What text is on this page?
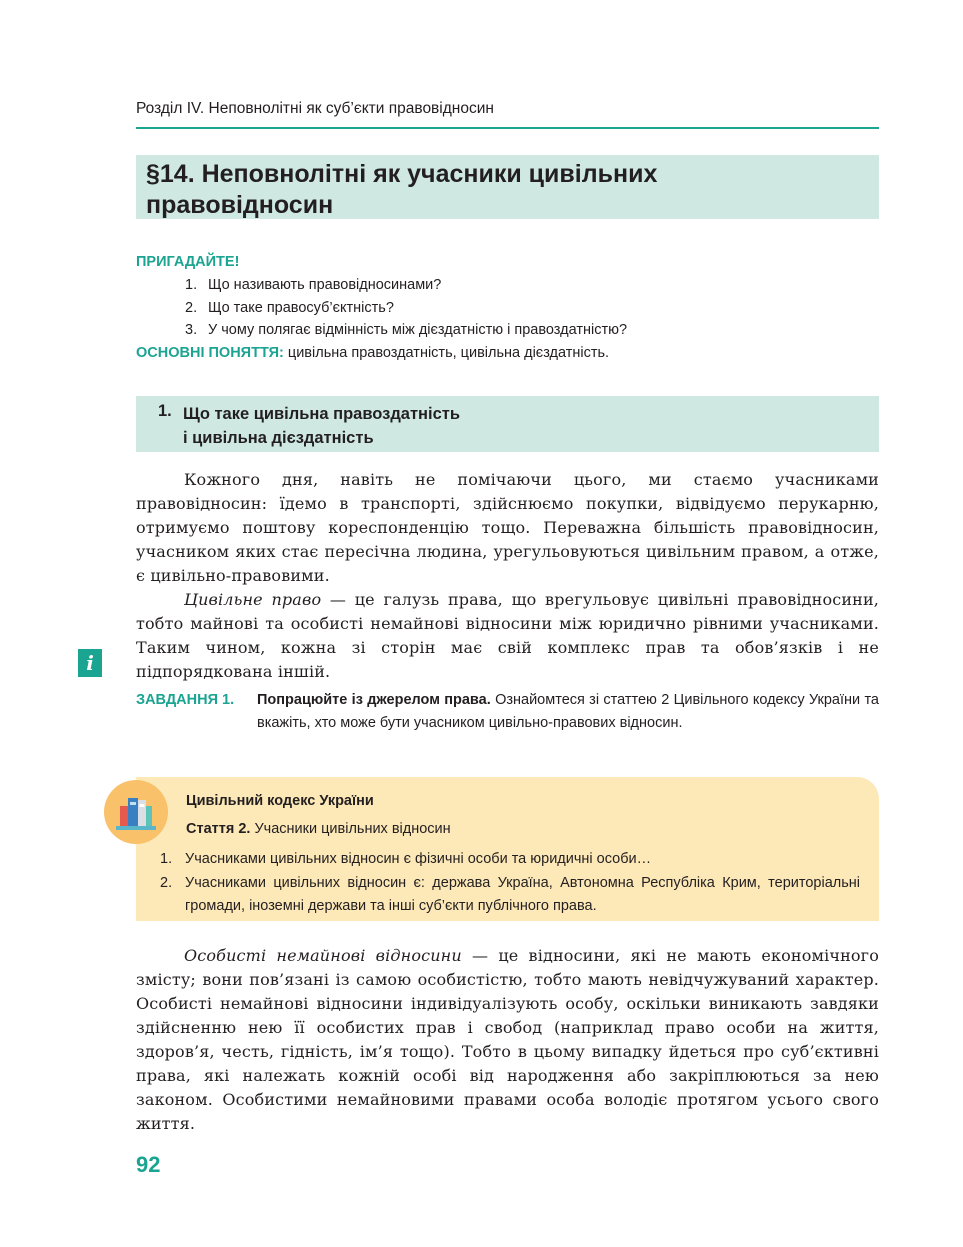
Розділ IV. Неповнолітні як суб’єкти правовідносин
§14. Неповнолітні як учасники цивільних
правовідносин
ПРИГАДАЙТЕ!
1. Що називають правовідносинами?
2. Що таке правосуб’єктність?
3. У чому полягає відмінність між дієздатністю і правоздатністю?
ОСНОВНІ ПОНЯТТЯ: цивільна правоздатність, цивільна дієздатність.
1. Що таке цивільна правоздатність
і цивільна дієздатність

Кожного дня, навіть не помічаючи цього, ми стаємо учасниками правовідносин: їдемо в транспорті, здійснюємо покупки, відвідуємо перукарню, отримуємо поштову кореспонденцію тощо. Переважна більшість правовідносин, учасником яких стає пересічна людина, урегульовуються цивільним правом, а отже, є цивільно-правовими.

Цивільне право — це галузь права, що врегульовує цивільні правовідносини, тобто майнові та особисті немайнові відносини між юридично рівними учасниками. Таким чином, кожна зі сторін має свій комплекс прав та обов’язків і не підпорядкована іншій.

i
ЗАВДАННЯ 1. Попрацюйте із джерелом права. Ознайомтеся зі статтею 2 Цивільного кодексу України та вкажіть, хто може бути учасником цивільно-правових відносин.
Цивільний кодекс України
Стаття 2. Учасники цивільних відносин
1. Учасниками цивільних відносин є фізичні особи та юридичні особи…
2. Учасниками цивільних відносин є: держава Україна, Автономна Республіка Крим, територіальні громади, іноземні держави та інші суб’єкти публічного права.

Особисті немайнові відносини — це відносини, які не мають економічного змісту; вони пов’язані із самою особистістю, тобто мають невідчужуваний характер. Особисті немайнові відносини індивідуалізують особу, оскільки виникають завдяки здійсненню нею її особистих прав і свобод (наприклад право особи на життя, здоров’я, честь, гідність, ім’я тощо). Тобто в цьому випадку йдеться про суб’єктивні права, які належать кожній особі від народження або закріплюються за нею законом. Особистими немайновими правами особа володіє протягом усього свого життя.

92
